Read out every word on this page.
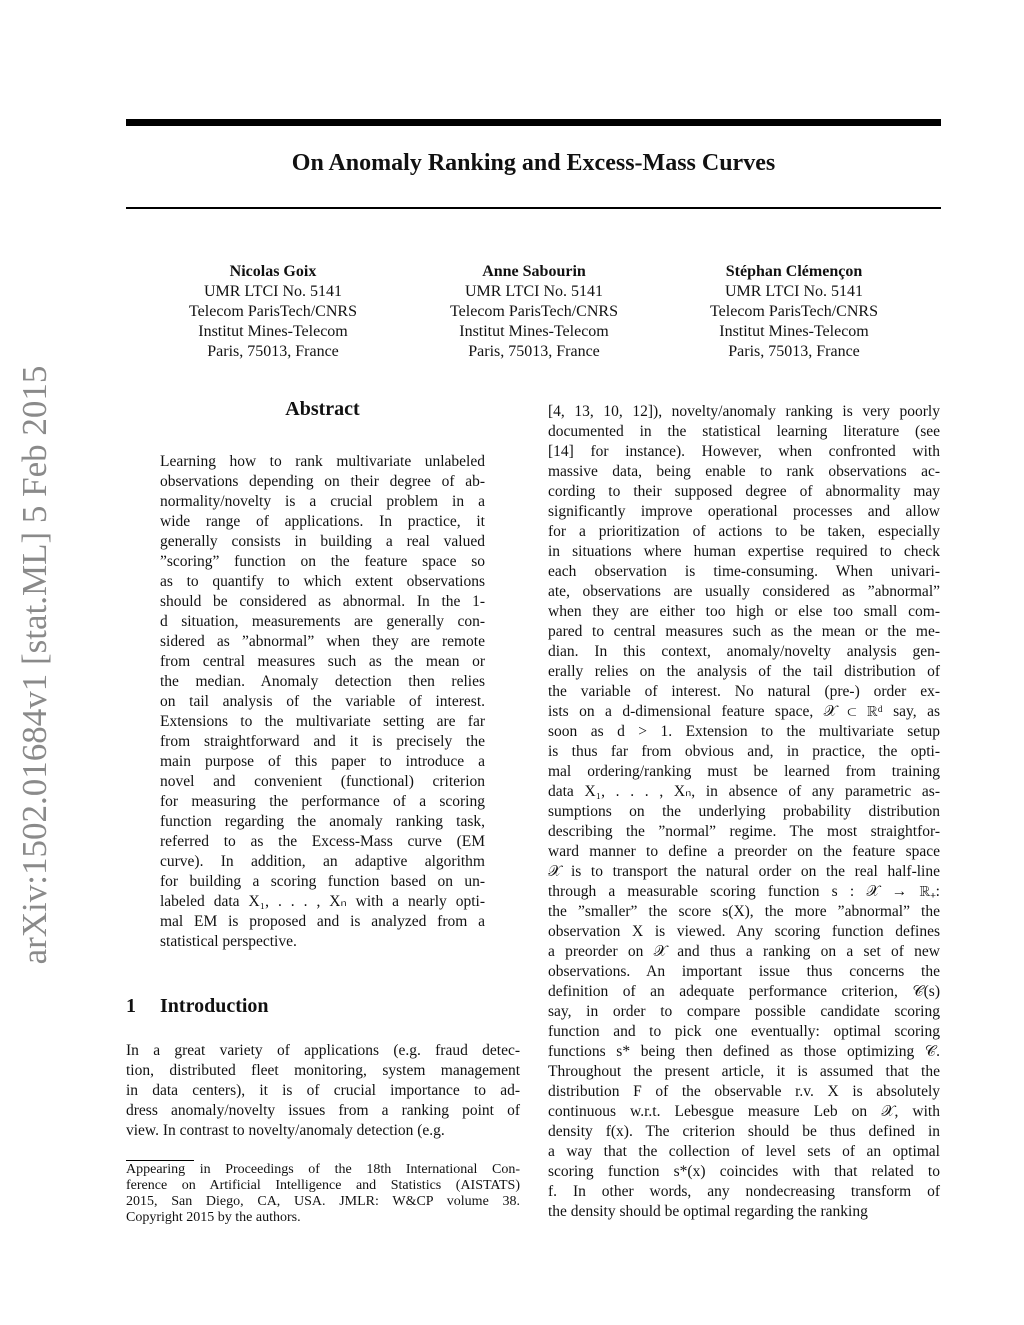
arXiv:1502.01684v1 [stat.ML] 5 Feb 2015
On Anomaly Ranking and Excess-Mass Curves
Nicolas Goix
UMR LTCI No. 5141
Telecom ParisTech/CNRS
Institut Mines-Telecom
Paris, 75013, France
Anne Sabourin
UMR LTCI No. 5141
Telecom ParisTech/CNRS
Institut Mines-Telecom
Paris, 75013, France
Stéphan Clémençon
UMR LTCI No. 5141
Telecom ParisTech/CNRS
Institut Mines-Telecom
Paris, 75013, France
Abstract
Learning how to rank multivariate unlabeled
observations depending on their degree of ab-
normality/novelty is a crucial problem in a
wide range of applications. In practice, it
generally consists in building a real valued
”scoring” function on the feature space so
as to quantify to which extent observations
should be considered as abnormal. In the 1-
d situation, measurements are generally con-
sidered as ”abnormal” when they are remote
from central measures such as the mean or
the median. Anomaly detection then relies
on tail analysis of the variable of interest.
Extensions to the multivariate setting are far
from straightforward and it is precisely the
main purpose of this paper to introduce a
novel and convenient (functional) criterion
for measuring the performance of a scoring
function regarding the anomaly ranking task,
referred to as the Excess-Mass curve (EM
curve). In addition, an adaptive algorithm
for building a scoring function based on un-
labeled data X₁, . . . , Xₙ with a nearly opti-
mal EM is proposed and is analyzed from a
statistical perspective.
1 Introduction
In a great variety of applications (e.g. fraud detec-
tion, distributed fleet monitoring, system management
in data centers), it is of crucial importance to ad-
dress anomaly/novelty issues from a ranking point of
view. In contrast to novelty/anomaly detection (e.g.
Appearing in Proceedings of the 18th International Con-
ference on Artificial Intelligence and Statistics (AISTATS)
2015, San Diego, CA, USA. JMLR: W&CP volume 38.
Copyright 2015 by the authors.
[4, 13, 10, 12]), novelty/anomaly ranking is very poorly
documented in the statistical learning literature (see
[14] for instance). However, when confronted with
massive data, being enable to rank observations ac-
cording to their supposed degree of abnormality may
significantly improve operational processes and allow
for a prioritization of actions to be taken, especially
in situations where human expertise required to check
each observation is time-consuming. When univari-
ate, observations are usually considered as ”abnormal”
when they are either too high or else too small com-
pared to central measures such as the mean or the me-
dian. In this context, anomaly/novelty analysis gen-
erally relies on the analysis of the tail distribution of
the variable of interest. No natural (pre-) order ex-
ists on a d-dimensional feature space, 𝒳 ⊂ ℝᵈ say, as
soon as d > 1. Extension to the multivariate setup
is thus far from obvious and, in practice, the opti-
mal ordering/ranking must be learned from training
data X₁, . . . , Xₙ, in absence of any parametric as-
sumptions on the underlying probability distribution
describing the ”normal” regime. The most straightfor-
ward manner to define a preorder on the feature space
𝒳 is to transport the natural order on the real half-line
through a measurable scoring function s : 𝒳 → ℝ₊:
the ”smaller” the score s(X), the more ”abnormal” the
observation X is viewed. Any scoring function defines
a preorder on 𝒳 and thus a ranking on a set of new
observations. An important issue thus concerns the
definition of an adequate performance criterion, 𝒞(s)
say, in order to compare possible candidate scoring
function and to pick one eventually: optimal scoring
functions s* being then defined as those optimizing 𝒞.
Throughout the present article, it is assumed that the
distribution F of the observable r.v. X is absolutely
continuous w.r.t. Lebesgue measure Leb on 𝒳, with
density f(x). The criterion should be thus defined in
a way that the collection of level sets of an optimal
scoring function s*(x) coincides with that related to
f. In other words, any nondecreasing transform of
the density should be optimal regarding the ranking
